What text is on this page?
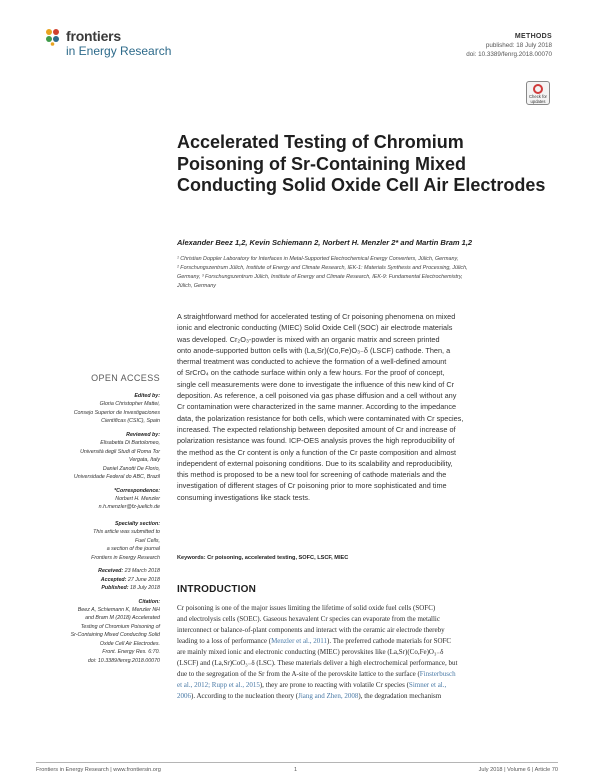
frontiers
in Energy Research
METHODS
published: 18 July 2018
doi: 10.3389/fenrg.2018.00070
Check for
updates
Accelerated Testing of Chromium Poisoning of Sr-Containing Mixed Conducting Solid Oxide Cell Air Electrodes
Alexander Beez 1,2, Kevin Schiemann 2, Norbert H. Menzler 2* and Martin Bram 1,2
¹ Christian Doppler Laboratory for Interfaces in Metal-Supported Electrochemical Energy Converters, Jülich, Germany,
² Forschungszentrum Jülich, Institute of Energy and Climate Research, IEK-1: Materials Synthesis and Processing, Jülich,
Germany, ³ Forschungszentrum Jülich, Institute of Energy and Climate Research, IEK-9: Fundamental Electrochemistry,
Jülich, Germany
A straightforward method for accelerated testing of Cr poisoning phenomena on mixed
ionic and electronic conducting (MIEC) Solid Oxide Cell (SOC) air electrode materials
was developed. Cr₂O₃-powder is mixed with an organic matrix and screen printed
onto anode-supported button cells with (La,Sr)(Co,Fe)O₃₋δ (LSCF) cathode. Then, a
thermal treatment was conducted to achieve the formation of a well-defined amount
of SrCrO₄ on the cathode surface within only a few hours. For the proof of concept,
single cell measurements were done to investigate the influence of this new kind of Cr
deposition. As reference, a cell poisoned via gas phase diffusion and a cell without any
Cr contamination were characterized in the same manner. According to the impedance
data, the polarization resistance for both cells, which were contaminated with Cr species,
increased. The expected relationship between deposited amount of Cr and increase of
polarization resistance was found. ICP-OES analysis proves the high reproducibility of
the method as the Cr content is only a function of the Cr paste composition and almost
independent of external poisoning conditions. Due to its scalability and reproducibility,
this method is proposed to be a new tool for screening of cathode materials and the
investigation of different stages of Cr poisoning prior to more sophisticated and time
consuming investigations like stack tests.
Keywords: Cr poisoning, accelerated testing, SOFC, LSCF, MIEC
INTRODUCTION
Cr poisoning is one of the major issues limiting the lifetime of solid oxide fuel cells (SOFC)
and electrolysis cells (SOEC). Gaseous hexavalent Cr species can evaporate from the metallic
interconnect or balance-of-plant components and interact with the ceramic air electrode thereby
leading to a loss of performance (Menzler et al., 2011). The preferred cathode materials for SOFC
are mainly mixed ionic and electronic conducting (MIEC) perovskites like (La,Sr)(Co,Fe)O₃₋δ
(LSCF) and (La,Sr)CoO₃₋δ (LSC). These materials deliver a high electrochemical performance, but
due to the segregation of the Sr from the A-site of the perovskite lattice to the surface (Finsterbusch
et al., 2012; Rupp et al., 2015), they are prone to reacting with volatile Cr species (Simner et al.,
2006). According to the nucleation theory (Jiang and Zhen, 2008), the degradation mechanism
OPEN ACCESS
Edited by:
Gloria Christopher Mattei,
Consejo Superior de Investigaciones
Científicas (CSIC), Spain
Reviewed by:
Elisabetta Di Bartolomeo,
Università degli Studi di Roma Tor
Vergata, Italy
Daniel Zanotti De Florio,
Universidade Federal do ABC, Brazil
*Correspondence:
Norbert H. Menzler
n.h.menzler@fz-juelich.de
Specialty section:
This article was submitted to
Fuel Cells,
a section of the journal
Frontiers in Energy Research
Received: 23 March 2018
Accepted: 27 June 2018
Published: 18 July 2018
Citation:
Beez A, Schiemann K, Menzler NH
and Bram M (2018) Accelerated
Testing of Chromium Poisoning of
Sr-Containing Mixed Conducting Solid
Oxide Cell Air Electrodes.
Front. Energy Res. 6:70.
doi: 10.3389/fenrg.2018.00070
Frontiers in Energy Research | www.frontiersin.org	1	July 2018 | Volume 6 | Article 70
